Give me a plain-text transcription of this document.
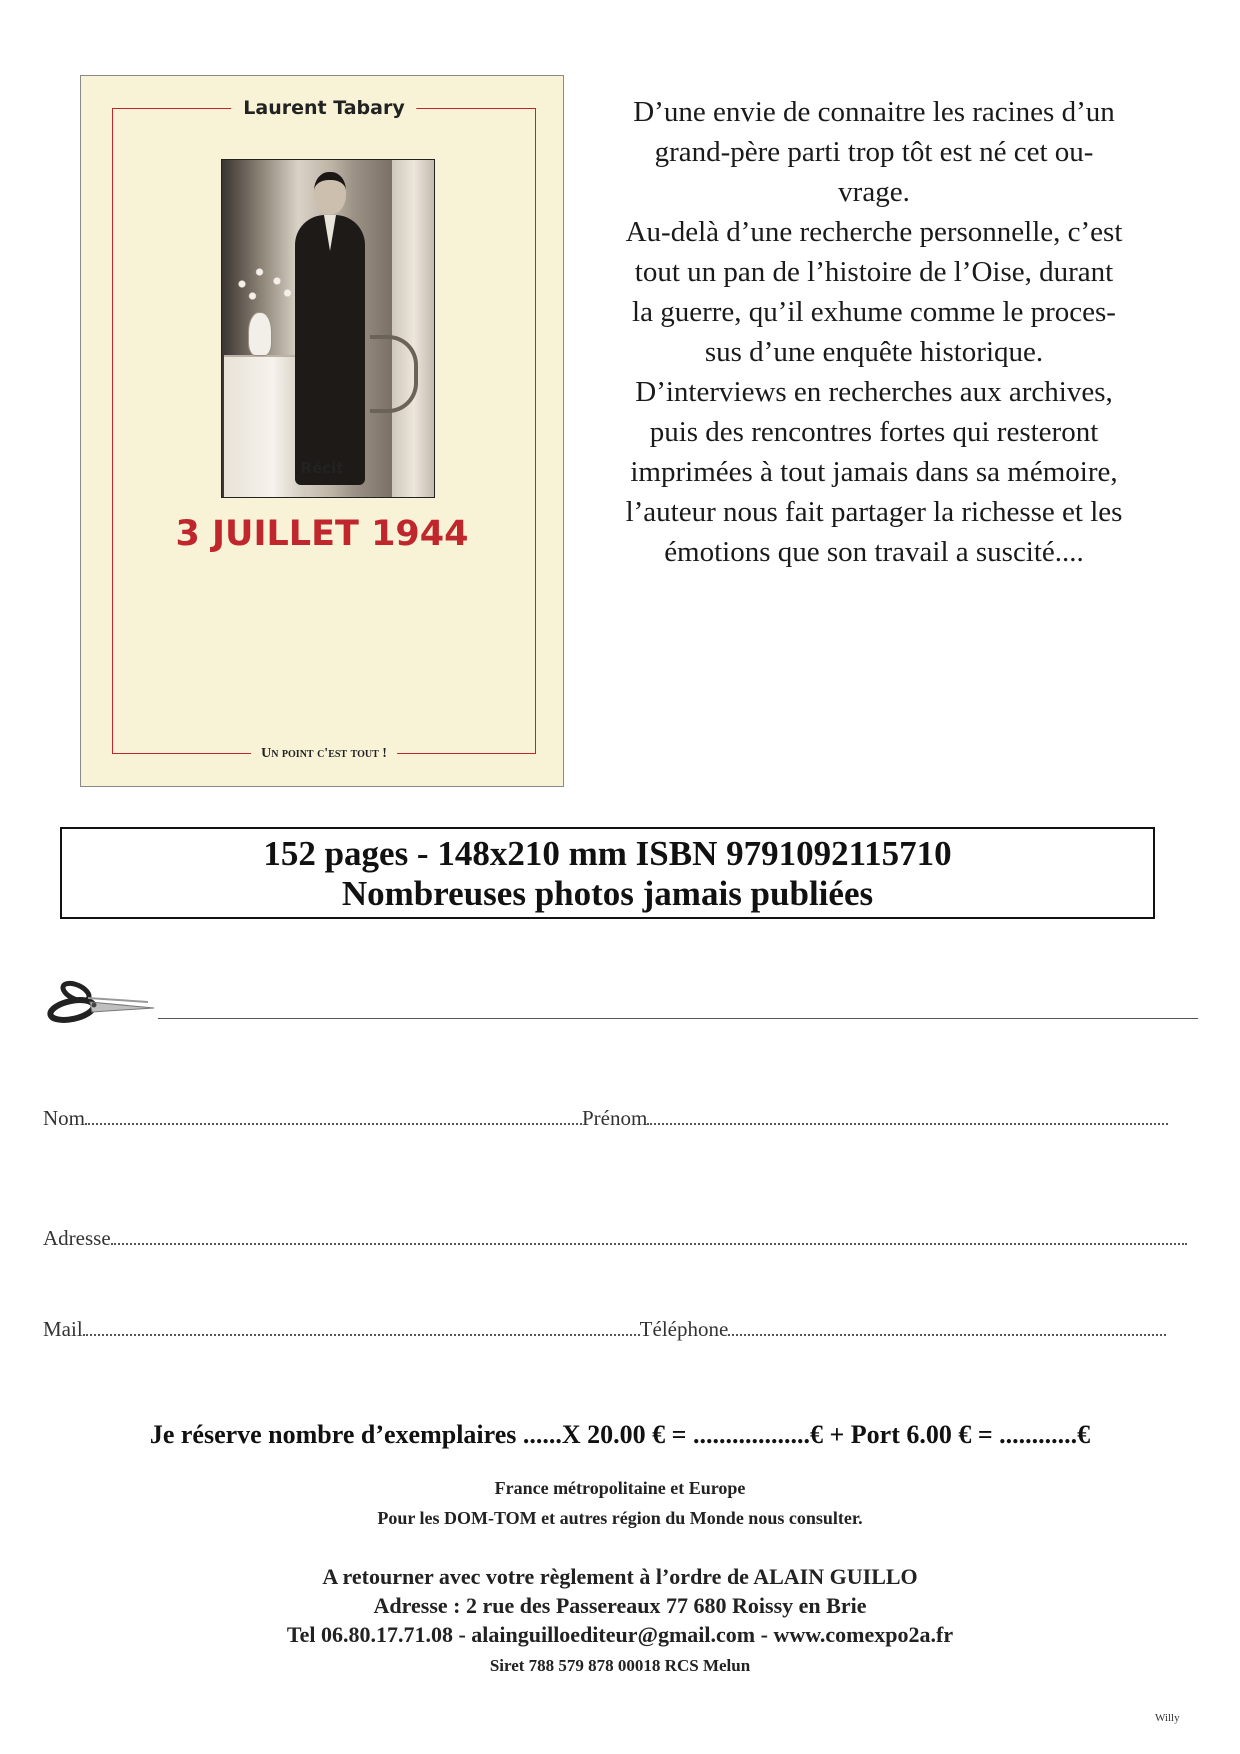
Laurent Tabary
Un point c'est tout !
Récit
3 JUILLET 1944

D’une envie de connaitre les racines d’un

grand-père parti trop tôt est né cet ou-

vrage.

Au-delà d’une recherche personnelle, c’est

tout un pan de l’histoire de l’Oise, durant

la guerre, qu’il exhume comme le proces-

sus d’une enquête historique.

D’interviews en recherches aux archives,

puis des rencontres fortes qui resteront

imprimées à tout jamais dans sa mémoire,

l’auteur nous fait partager la richesse et les

émotions que son travail a suscité....

152 pages - 148x210 mm ISBN 9791092115710
Nombreuses photos jamais publiées
Nom	Prénom
Adresse
Mail	Téléphone
Je réserve nombre d’exemplaires ......X 20.00 € = ..................€ + Port 6.00 € = ............€
France métropolitaine et Europe
Pour les DOM-TOM et autres région du Monde nous consulter.
A retourner avec votre règlement à l’ordre de ALAIN GUILLO
Adresse : 2 rue des Passereaux 77 680 Roissy en Brie
Tel 06.80.17.71.08 - alainguilloediteur@gmail.com - www.comexpo2a.fr
Siret 788 579 878 00018 RCS Melun
Willy
